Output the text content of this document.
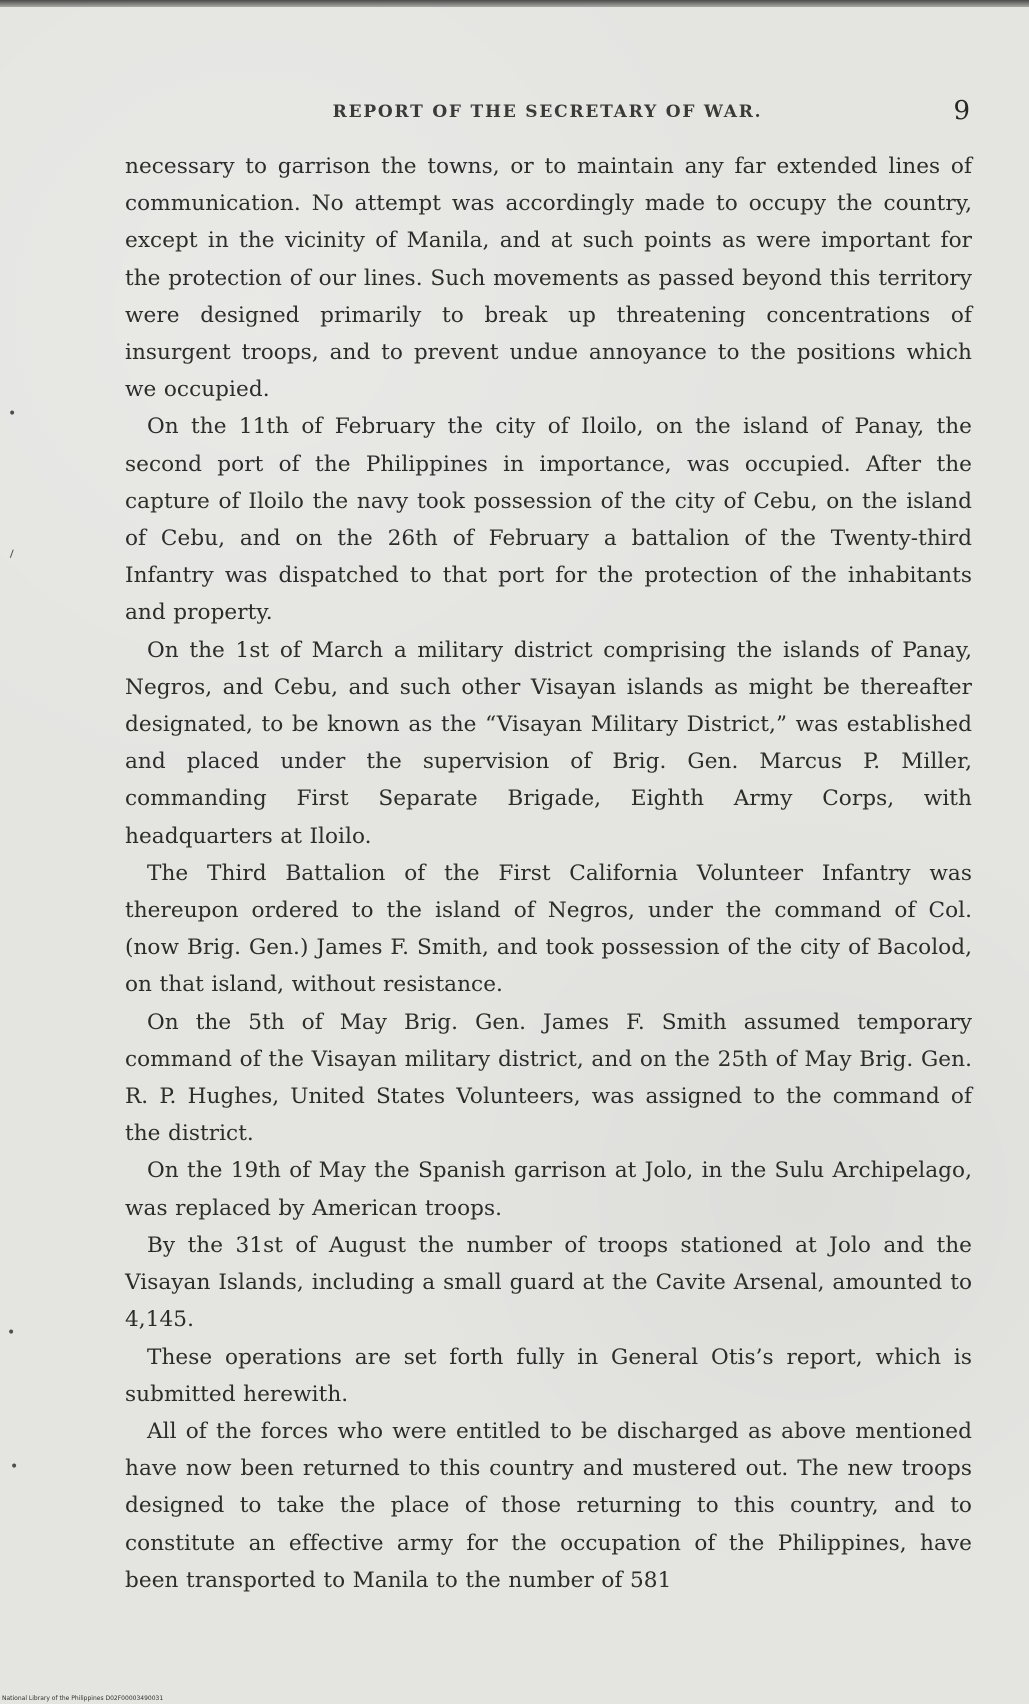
REPORT OF THE SECRETARY OF WAR.	9

necessary to garrison the towns, or to maintain any far extended lines of communication. No attempt was accordingly made to occupy the country, except in the vicinity of Manila, and at such points as were important for the protection of our lines. Such movements as passed beyond this territory were designed primarily to break up threatening concentrations of insurgent troops, and to prevent undue annoyance to the positions which we occupied.

On the 11th of February the city of Iloilo, on the island of Panay, the second port of the Philippines in importance, was occupied. After the capture of Iloilo the navy took possession of the city of Cebu, on the island of Cebu, and on the 26th of February a battalion of the Twenty-third Infantry was dispatched to that port for the protection of the inhabitants and property.

On the 1st of March a military district comprising the islands of Panay, Negros, and Cebu, and such other Visayan islands as might be thereafter designated, to be known as the “Visayan Military District,” was established and placed under the supervision of Brig. Gen. Marcus P. Miller, commanding First Separate Brigade, Eighth Army Corps, with headquarters at Iloilo.

The Third Battalion of the First California Volunteer Infantry was thereupon ordered to the island of Negros, under the command of Col. (now Brig. Gen.) James F. Smith, and took possession of the city of Bacolod, on that island, without resistance.

On the 5th of May Brig. Gen. James F. Smith assumed temporary command of the Visayan military district, and on the 25th of May Brig. Gen. R. P. Hughes, United States Volunteers, was assigned to the command of the district.

On the 19th of May the Spanish garrison at Jolo, in the Sulu Archipelago, was replaced by American troops.

By the 31st of August the number of troops stationed at Jolo and the Visayan Islands, including a small guard at the Cavite Arsenal, amounted to 4,145.

These operations are set forth fully in General Otis’s report, which is submitted herewith.

All of the forces who were entitled to be discharged as above mentioned have now been returned to this country and mustered out. The new troops designed to take the place of those returning to this country, and to constitute an effective army for the occupation of the Philippines, have been transported to Manila to the number of 581

•
⸝
•
•
National Library of the Philippines D02F00003490031
